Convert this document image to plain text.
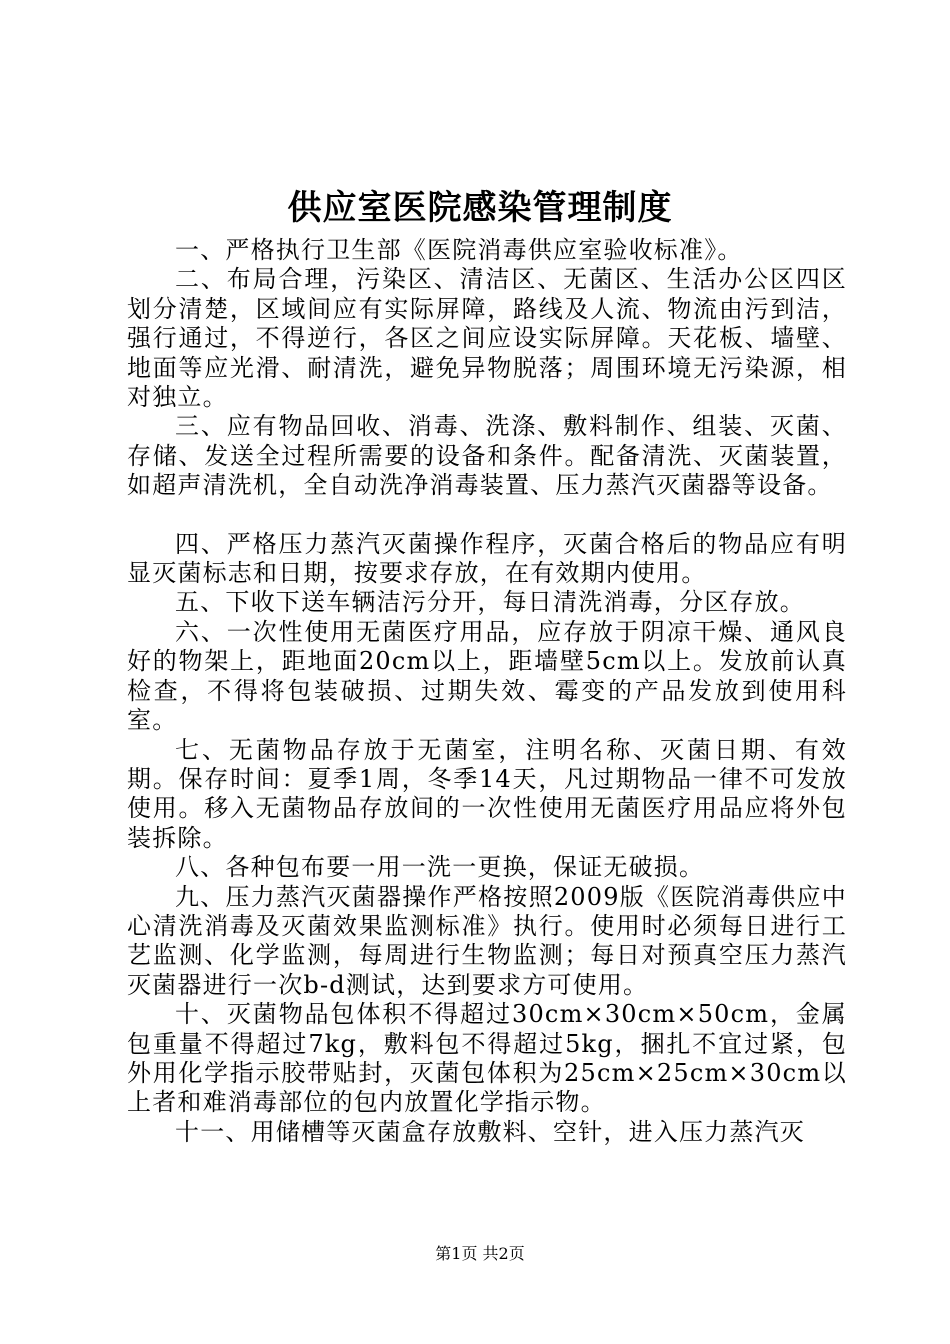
供应室医院感染管理制度

一、严格执行卫生部《医院消毒供应室验收标准》。

二、布局合理，污染区、清洁区、无菌区、生活办公区四区划分清楚，区域间应有实际屏障，路线及人流、物流由污到洁，强行通过，不得逆行，各区之间应设实际屏障。天花板、墙壁、地面等应光滑、耐清洗，避免异物脱落；周围环境无污染源，相对独立。

三、应有物品回收、消毒、洗涤、敷料制作、组装、灭菌、存储、发送全过程所需要的设备和条件。配备清洗、灭菌装置，如超声清洗机，全自动洗净消毒装置、压力蒸汽灭菌器等设备。

四、严格压力蒸汽灭菌操作程序，灭菌合格后的物品应有明显灭菌标志和日期，按要求存放，在有效期内使用。

五、下收下送车辆洁污分开，每日清洗消毒，分区存放。

六、一次性使用无菌医疗用品，应存放于阴凉干燥、通风良好的物架上，距地面20cm以上，距墙壁5cm以上。发放前认真检查，不得将包装破损、过期失效、霉变的产品发放到使用科室。

七、无菌物品存放于无菌室，注明名称、灭菌日期、有效期。保存时间：夏季1周，冬季14天，凡过期物品一律不可发放使用。移入无菌物品存放间的一次性使用无菌医疗用品应将外包装拆除。

八、各种包布要一用一洗一更换，保证无破损。

九、压力蒸汽灭菌器操作严格按照2009版《医院消毒供应中心清洗消毒及灭菌效果监测标准》执行。使用时必须每日进行工艺监测、化学监测，每周进行生物监测；每日对预真空压力蒸汽灭菌器进行一次b-d测试，达到要求方可使用。

十、灭菌物品包体积不得超过30cm×30cm×50cm，金属包重量不得超过7kg，敷料包不得超过5kg，捆扎不宜过紧，包外用化学指示胶带贴封，灭菌包体积为25cm×25cm×30cm以上者和难消毒部位的包内放置化学指示物。

十一、用储槽等灭菌盒存放敷料、空针，进入压力蒸汽灭

第1页 共2页
